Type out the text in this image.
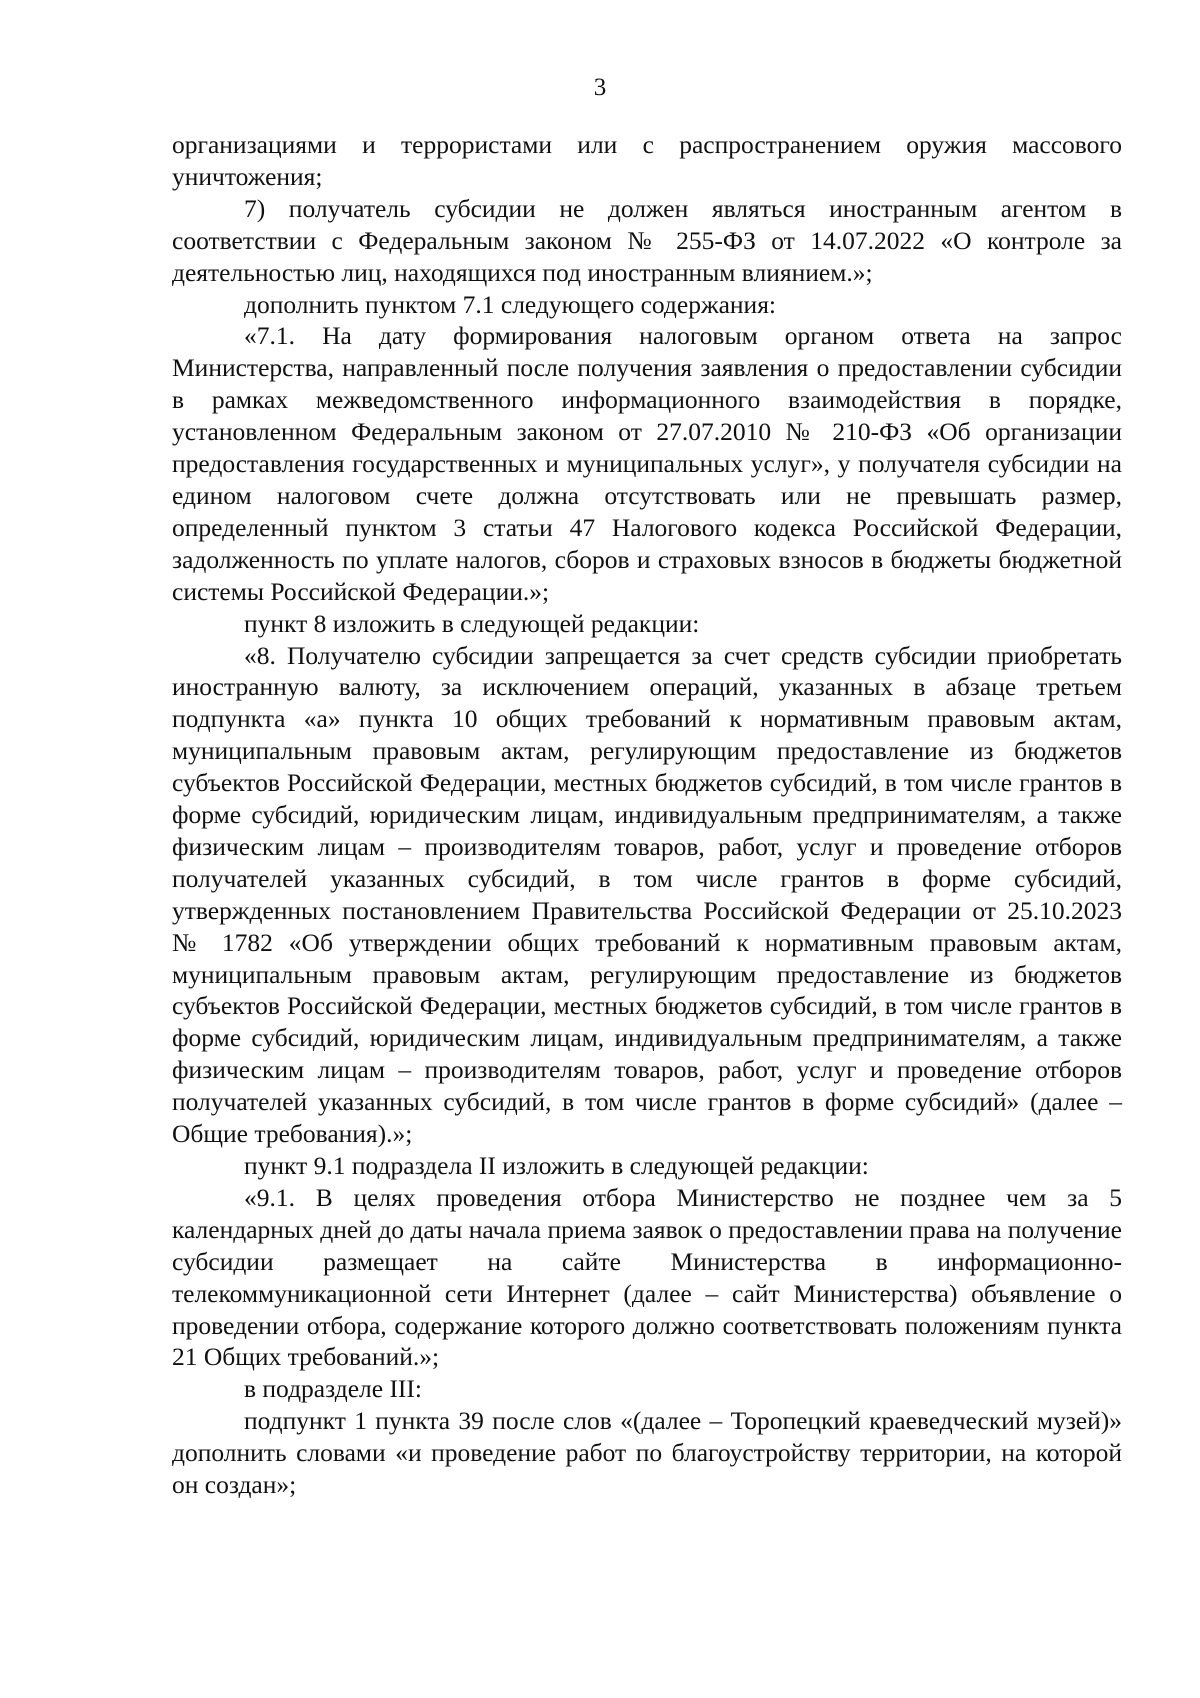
3

организациями и террористами или с распространением оружия массового уничтожения;

7) получатель субсидии не должен являться иностранным агентом в соответствии с Федеральным законом № 255-ФЗ от 14.07.2022 «О контроле за деятельностью лиц, находящихся под иностранным влиянием.»;

дополнить пунктом 7.1 следующего содержания:

«7.1. На дату формирования налоговым органом ответа на запрос Министерства, направленный после получения заявления о предоставлении субсидии в рамках межведомственного информационного взаимодействия в порядке, установленном Федеральным законом от 27.07.2010 № 210-ФЗ «Об организации предоставления государственных и муниципальных услуг», у получателя субсидии на едином налоговом счете должна отсутствовать или не превышать размер, определенный пунктом 3 статьи 47 Налогового кодекса Российской Федерации, задолженность по уплате налогов, сборов и страховых взносов в бюджеты бюджетной системы Российской Федерации.»;

пункт 8 изложить в следующей редакции:

«8. Получателю субсидии запрещается за счет средств субсидии приобретать иностранную валюту, за исключением операций, указанных в абзаце третьем подпункта «а» пункта 10 общих требований к нормативным правовым актам, муниципальным правовым актам, регулирующим предоставление из бюджетов субъектов Российской Федерации, местных бюджетов субсидий, в том числе грантов в форме субсидий, юридическим лицам, индивидуальным предпринимателям, а также физическим лицам – производителям товаров, работ, услуг и проведение отборов получателей указанных субсидий, в том числе грантов в форме субсидий, утвержденных постановлением Правительства Российской Федерации от 25.10.2023 № 1782 «Об утверждении общих требований к нормативным правовым актам, муниципальным правовым актам, регулирующим предоставление из бюджетов субъектов Российской Федерации, местных бюджетов субсидий, в том числе грантов в форме субсидий, юридическим лицам, индивидуальным предпринимателям, а также физическим лицам – производителям товаров, работ, услуг и проведение отборов получателей указанных субсидий, в том числе грантов в форме субсидий» (далее – Общие требования).»;

пункт 9.1 подраздела II изложить в следующей редакции:

«9.1. В целях проведения отбора Министерство не позднее чем за 5 календарных дней до даты начала приема заявок о предоставлении права на получение субсидии размещает на сайте Министерства в информационно-телекоммуникационной сети Интернет (далее – сайт Министерства) объявление о проведении отбора, содержание которого должно соответствовать положениям пункта 21 Общих требований.»;

в подразделе III:

подпункт 1 пункта 39 после слов «(далее – Торопецкий краеведческий музей)» дополнить словами «и проведение работ по благоустройству территории, на которой он создан»;
